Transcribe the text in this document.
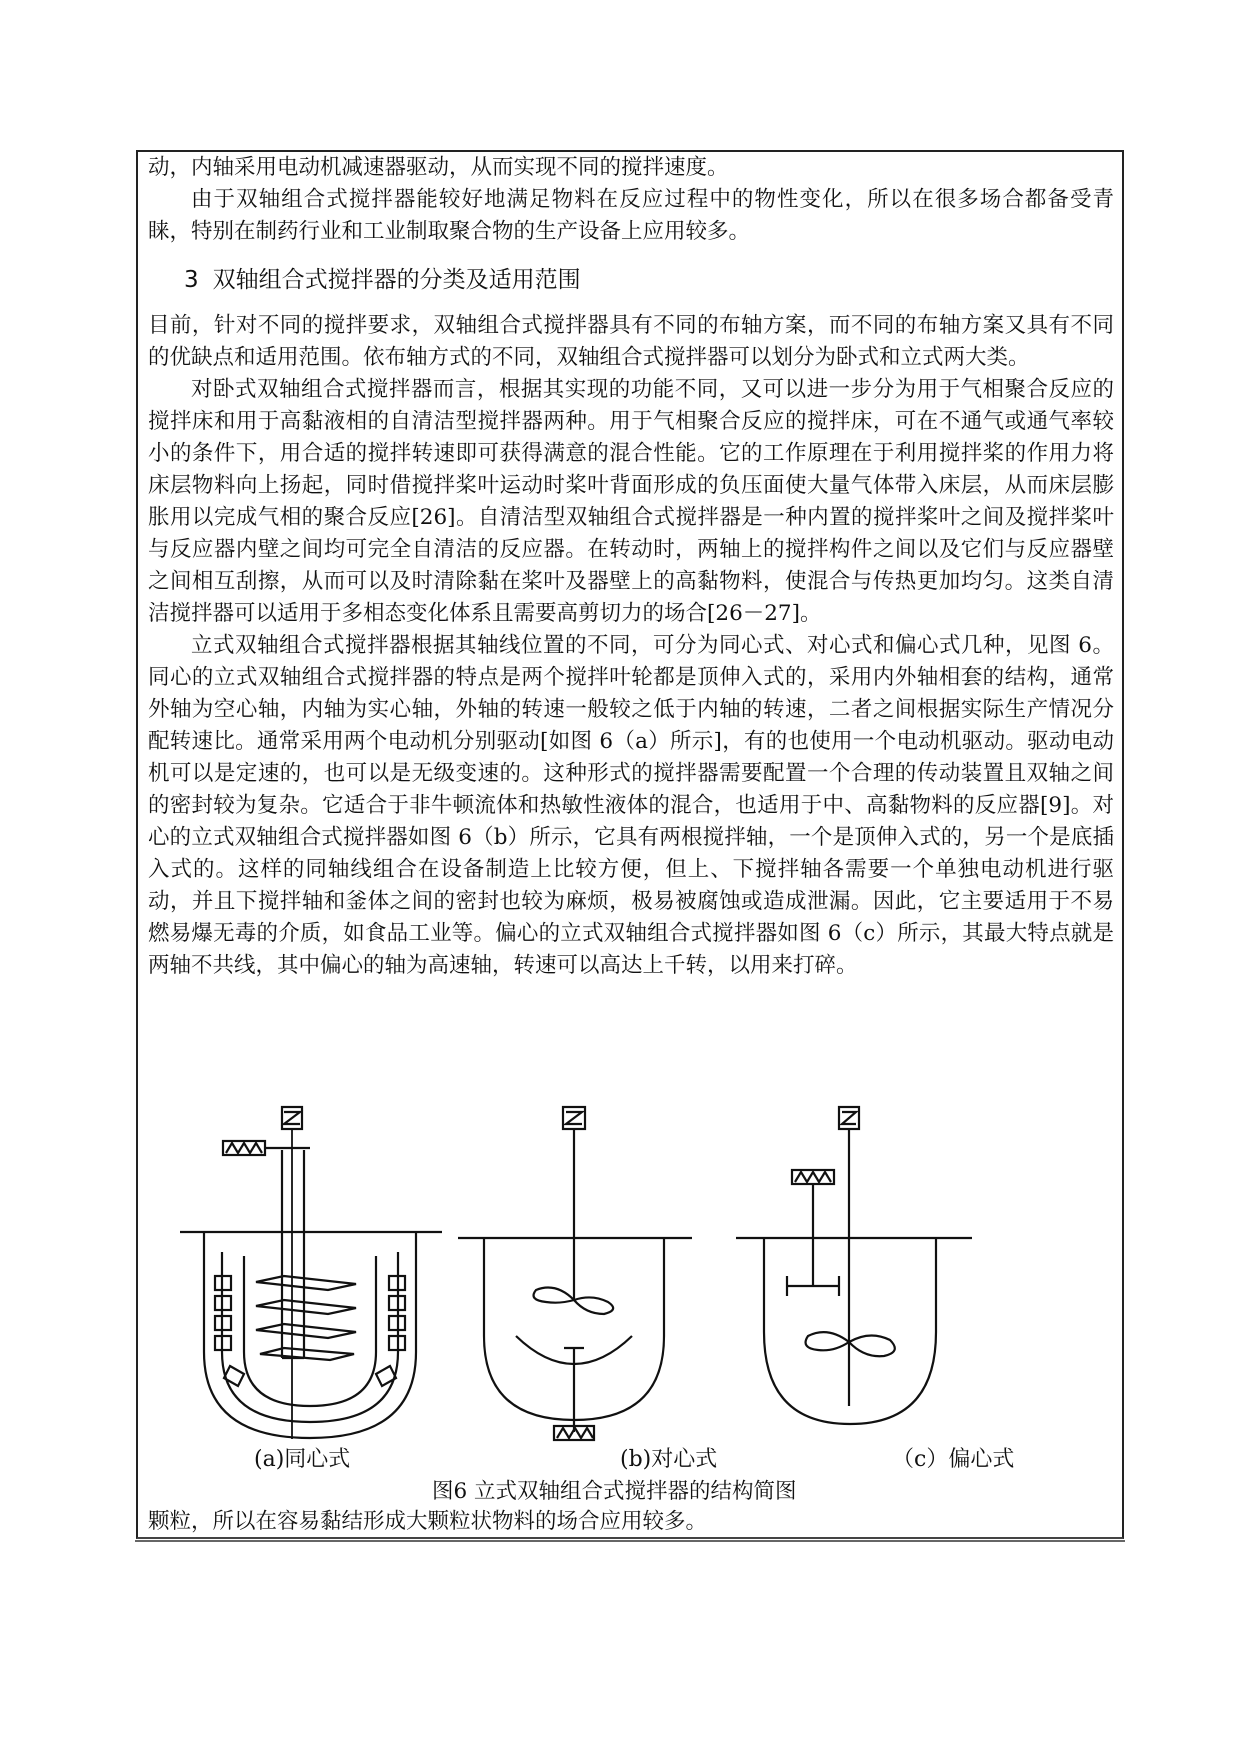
动，内轴采用电动机减速器驱动，从而实现不同的搅拌速度。

由于双轴组合式搅拌器能较好地满足物料在反应过程中的物性变化，所以在很多场合都备受青睐，特别在制药行业和工业制取聚合物的生产设备上应用较多。

3 双轴组合式搅拌器的分类及适用范围

目前，针对不同的搅拌要求，双轴组合式搅拌器具有不同的布轴方案，而不同的布轴方案又具有不同的优缺点和适用范围。依布轴方式的不同，双轴组合式搅拌器可以划分为卧式和立式两大类。

对卧式双轴组合式搅拌器而言，根据其实现的功能不同，又可以进一步分为用于气相聚合反应的搅拌床和用于高黏液相的自清洁型搅拌器两种。用于气相聚合反应的搅拌床，可在不通气或通气率较小的条件下，用合适的搅拌转速即可获得满意的混合性能。它的工作原理在于利用搅拌桨的作用力将床层物料向上扬起，同时借搅拌桨叶运动时桨叶背面形成的负压面使大量气体带入床层，从而床层膨胀用以完成气相的聚合反应[26]。自清洁型双轴组合式搅拌器是一种内置的搅拌桨叶之间及搅拌桨叶与反应器内壁之间均可完全自清洁的反应器。在转动时，两轴上的搅拌构件之间以及它们与反应器壁之间相互刮擦，从而可以及时清除黏在桨叶及器壁上的高黏物料，使混合与传热更加均匀。这类自清洁搅拌器可以适用于多相态变化体系且需要高剪切力的场合[26－27]。

立式双轴组合式搅拌器根据其轴线位置的不同，可分为同心式、对心式和偏心式几种，见图 6。同心的立式双轴组合式搅拌器的特点是两个搅拌叶轮都是顶伸入式的，采用内外轴相套的结构，通常外轴为空心轴，内轴为实心轴，外轴的转速一般较之低于内轴的转速，二者之间根据实际生产情况分配转速比。通常采用两个电动机分别驱动[如图 6（a）所示]，有的也使用一个电动机驱动。驱动电动机可以是定速的，也可以是无级变速的。这种形式的搅拌器需要配置一个合理的传动装置且双轴之间的密封较为复杂。它适合于非牛顿流体和热敏性液体的混合，也适用于中、高黏物料的反应器[9]。对心的立式双轴组合式搅拌器如图 6（b）所示，它具有两根搅拌轴，一个是顶伸入式的，另一个是底插入式的。这样的同轴线组合在设备制造上比较方便，但上、下搅拌轴各需要一个单独电动机进行驱动，并且下搅拌轴和釜体之间的密封也较为麻烦，极易被腐蚀或造成泄漏。因此，它主要适用于不易燃易爆无毒的介质，如食品工业等。偏心的立式双轴组合式搅拌器如图 6（c）所示，其最大特点就是两轴不共线，其中偏心的轴为高速轴，转速可以高达上千转，以用来打碎。

(a)同心式	(b)对心式	（c）偏心式
图6 立式双轴组合式搅拌器的结构简图
颗粒，所以在容易黏结形成大颗粒状物料的场合应用较多。
